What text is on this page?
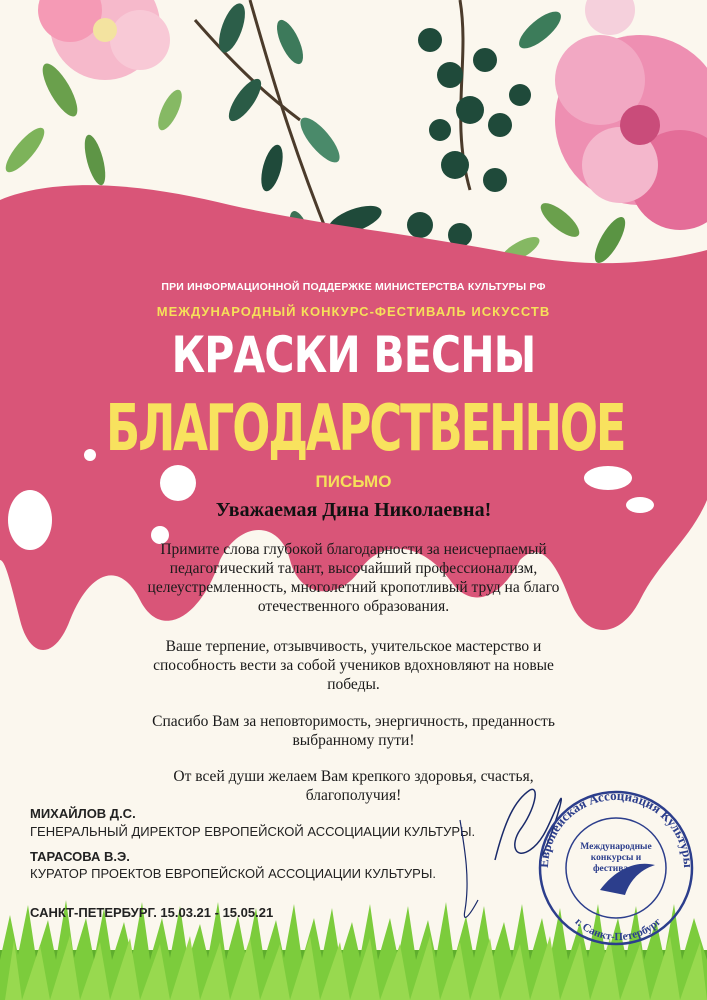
ПРИ ИНФОРМАЦИОННОЙ ПОДДЕРЖКЕ МИНИСТЕРСТВА КУЛЬТУРЫ РФ
МЕЖДУНАРОДНЫЙ КОНКУРС-ФЕСТИВАЛЬ ИСКУССТВ
КРАСКИ ВЕСНЫ
БЛАГОДАРСТВЕННОЕ
ПИСЬМО
Уважаемая Дина Николаевна!

Примите слова глубокой благодарности за неисчерпаемый педагогический талант, высочайший профессионализм, целеустремленность, многолетний кропотливый труд на благо отечественного образования.

Ваше терпение, отзывчивость, учительское мастерство и способность вести за собой учеников вдохновляют на новые победы.

Спасибо Вам за неповторимость, энергичность, преданность выбранному пути!

От всей души желаем Вам крепкого здоровья, счастья, благополучия!

МИХАЙЛОВ Д.С.
ГЕНЕРАЛЬНЫЙ ДИРЕКТОР ЕВРОПЕЙСКОЙ АССОЦИАЦИИ КУЛЬТУРЫ.
ТАРАСОВА В.Э.
КУРАТОР ПРОЕКТОВ ЕВРОПЕЙСКОЙ АССОЦИАЦИИ КУЛЬТУРЫ.
САНКТ-ПЕТЕРБУРГ. 15.03.21 - 15.05.21
Европейская Ассоциация Культуры
г. Санкт-Петербург
Международные конкурсы и фестивали
